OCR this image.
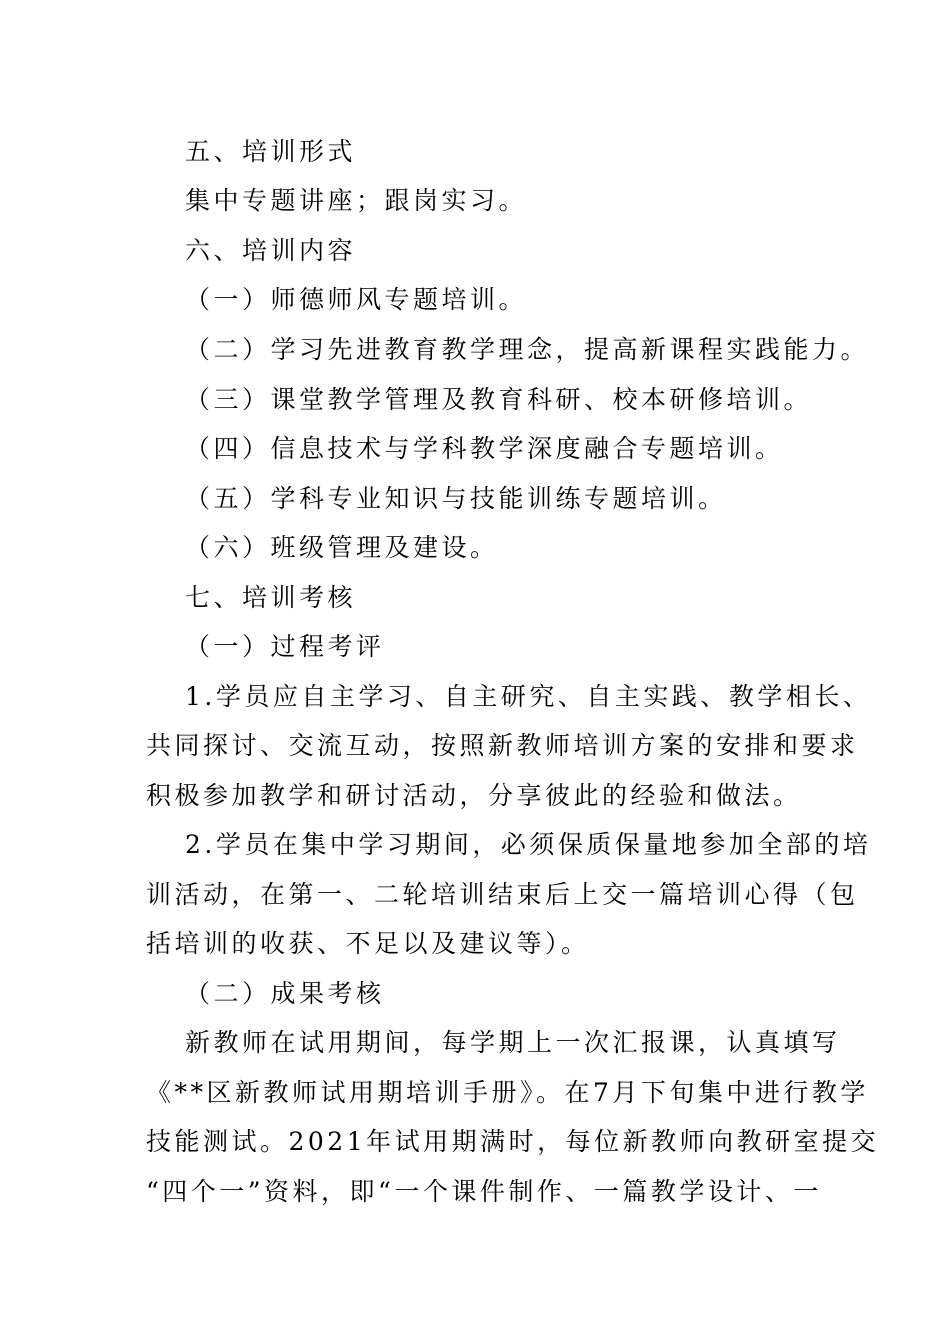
五、培训形式
集中专题讲座；跟岗实习。
六、培训内容
（一）师德师风专题培训。
（二）学习先进教育教学理念，提高新课程实践能力。
（三）课堂教学管理及教育科研、校本研修培训。
（四）信息技术与学科教学深度融合专题培训。
（五）学科专业知识与技能训练专题培训。
（六）班级管理及建设。
七、培训考核
（一）过程考评
1.学员应自主学习、自主研究、自主实践、教学相长、
共同探讨、交流互动，按照新教师培训方案的安排和要求
积极参加教学和研讨活动，分享彼此的经验和做法。
2.学员在集中学习期间，必须保质保量地参加全部的培
训活动，在第一、二轮培训结束后上交一篇培训心得（包
括培训的收获、不足以及建议等）。
（二）成果考核
新教师在试用期间，每学期上一次汇报课，认真填写
《**区新教师试用期培训手册》。在7月下旬集中进行教学
技能测试。2021年试用期满时，每位新教师向教研室提交
“四个一”资料，即“一个课件制作、一篇教学设计、一
